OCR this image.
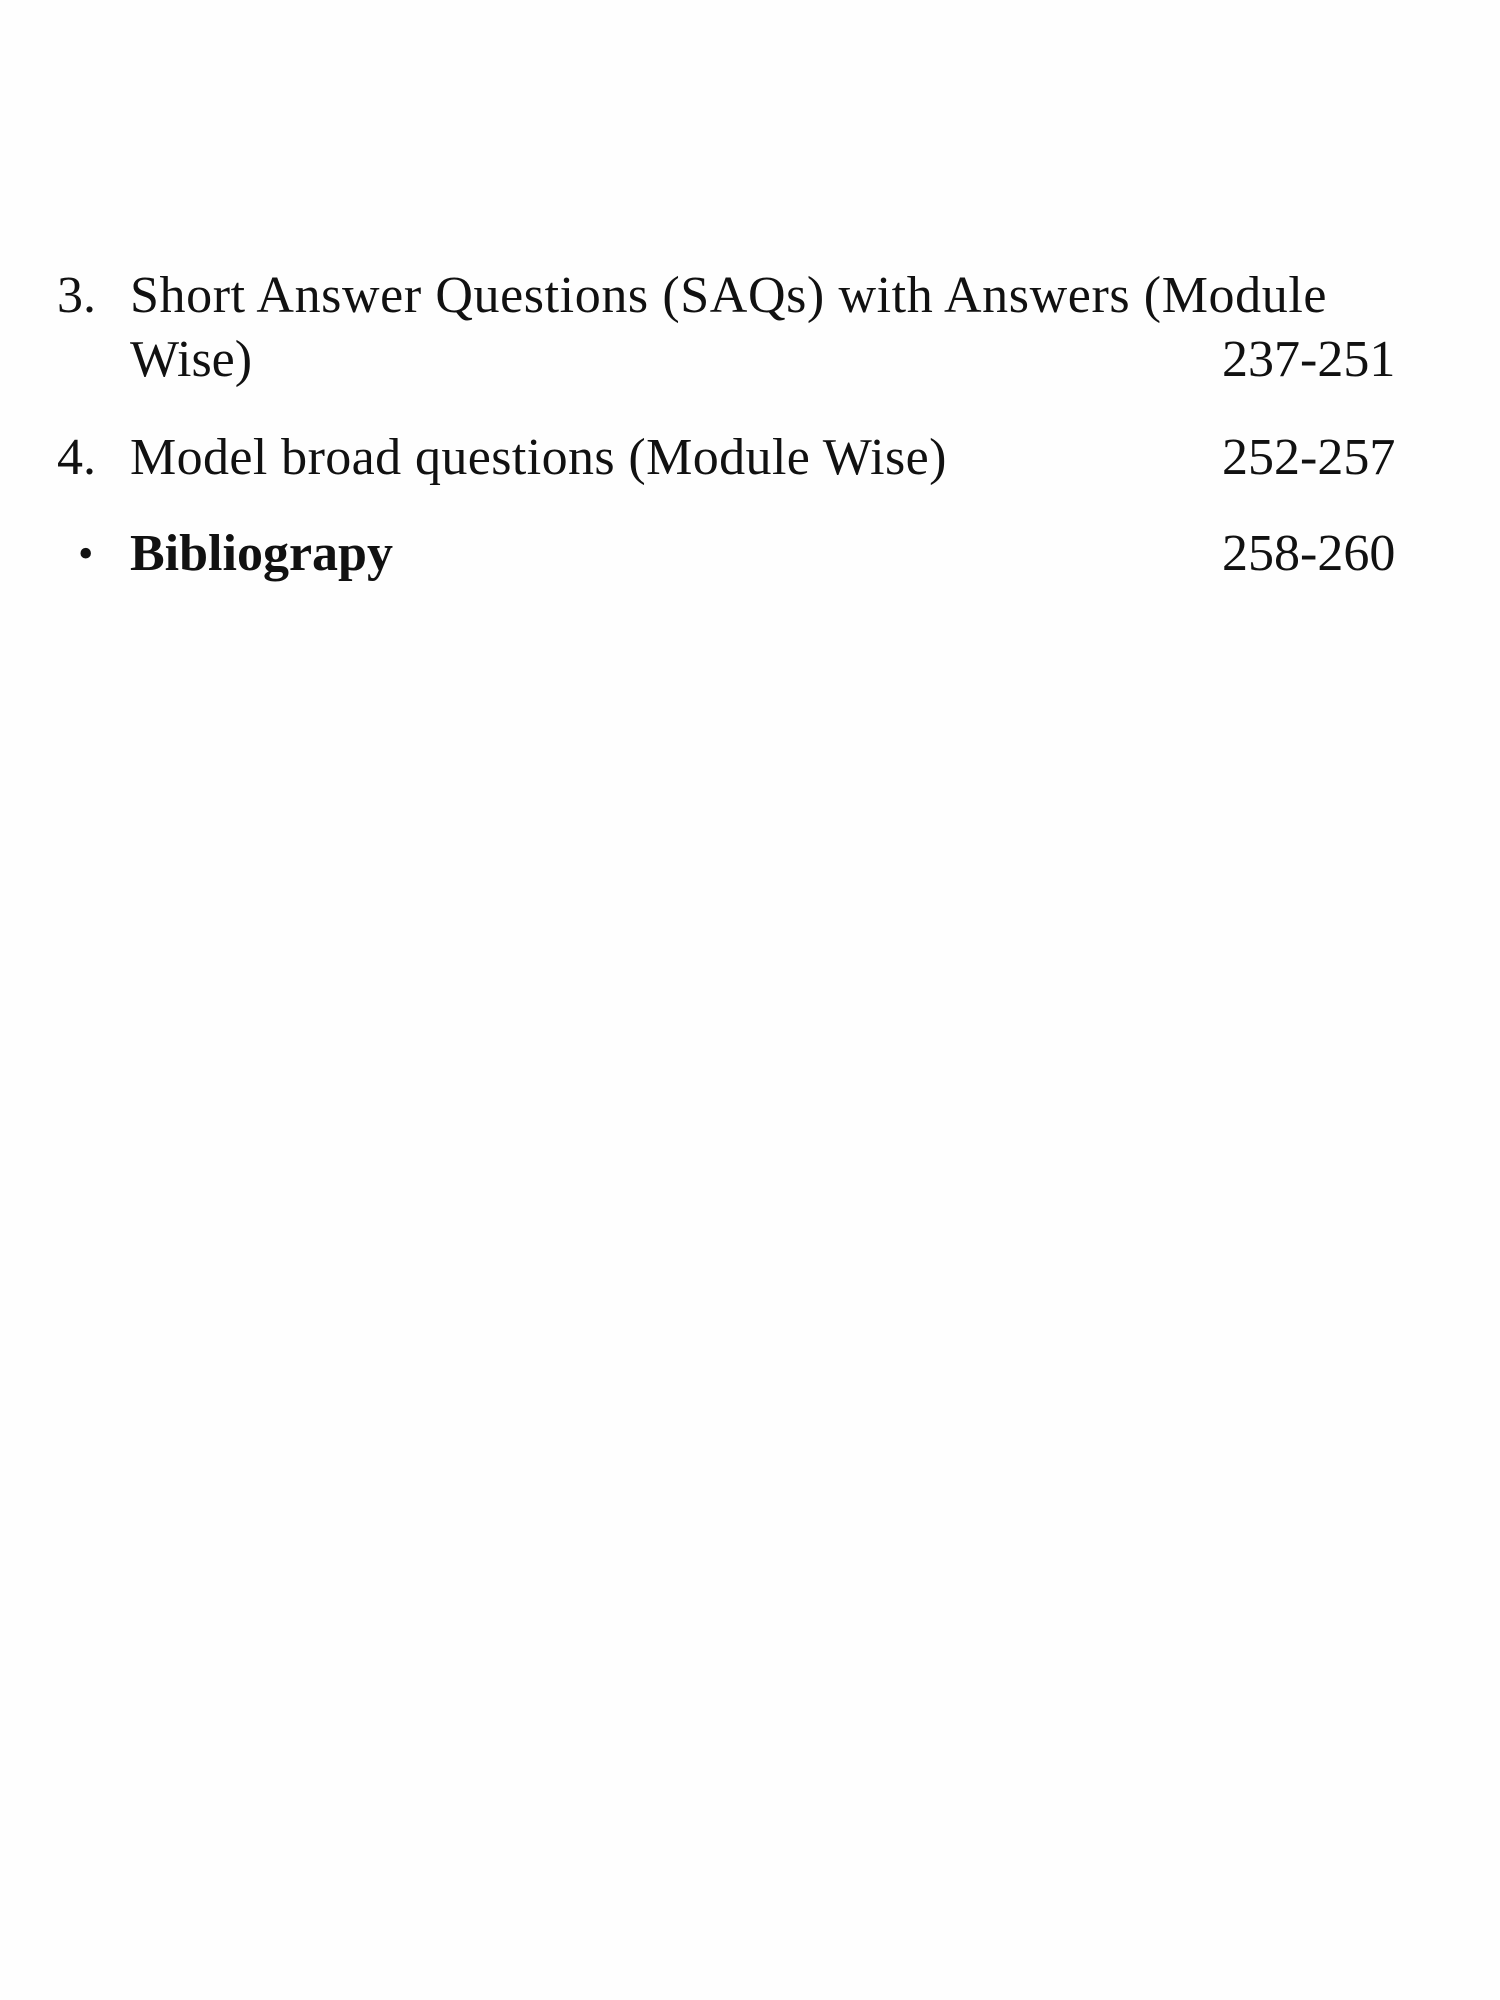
3. Short Answer Questions (SAQs) with Answers (Module
Wise)	237-251
4. Model broad questions (Module Wise)	252-257
• Bibliograpy	258-260
